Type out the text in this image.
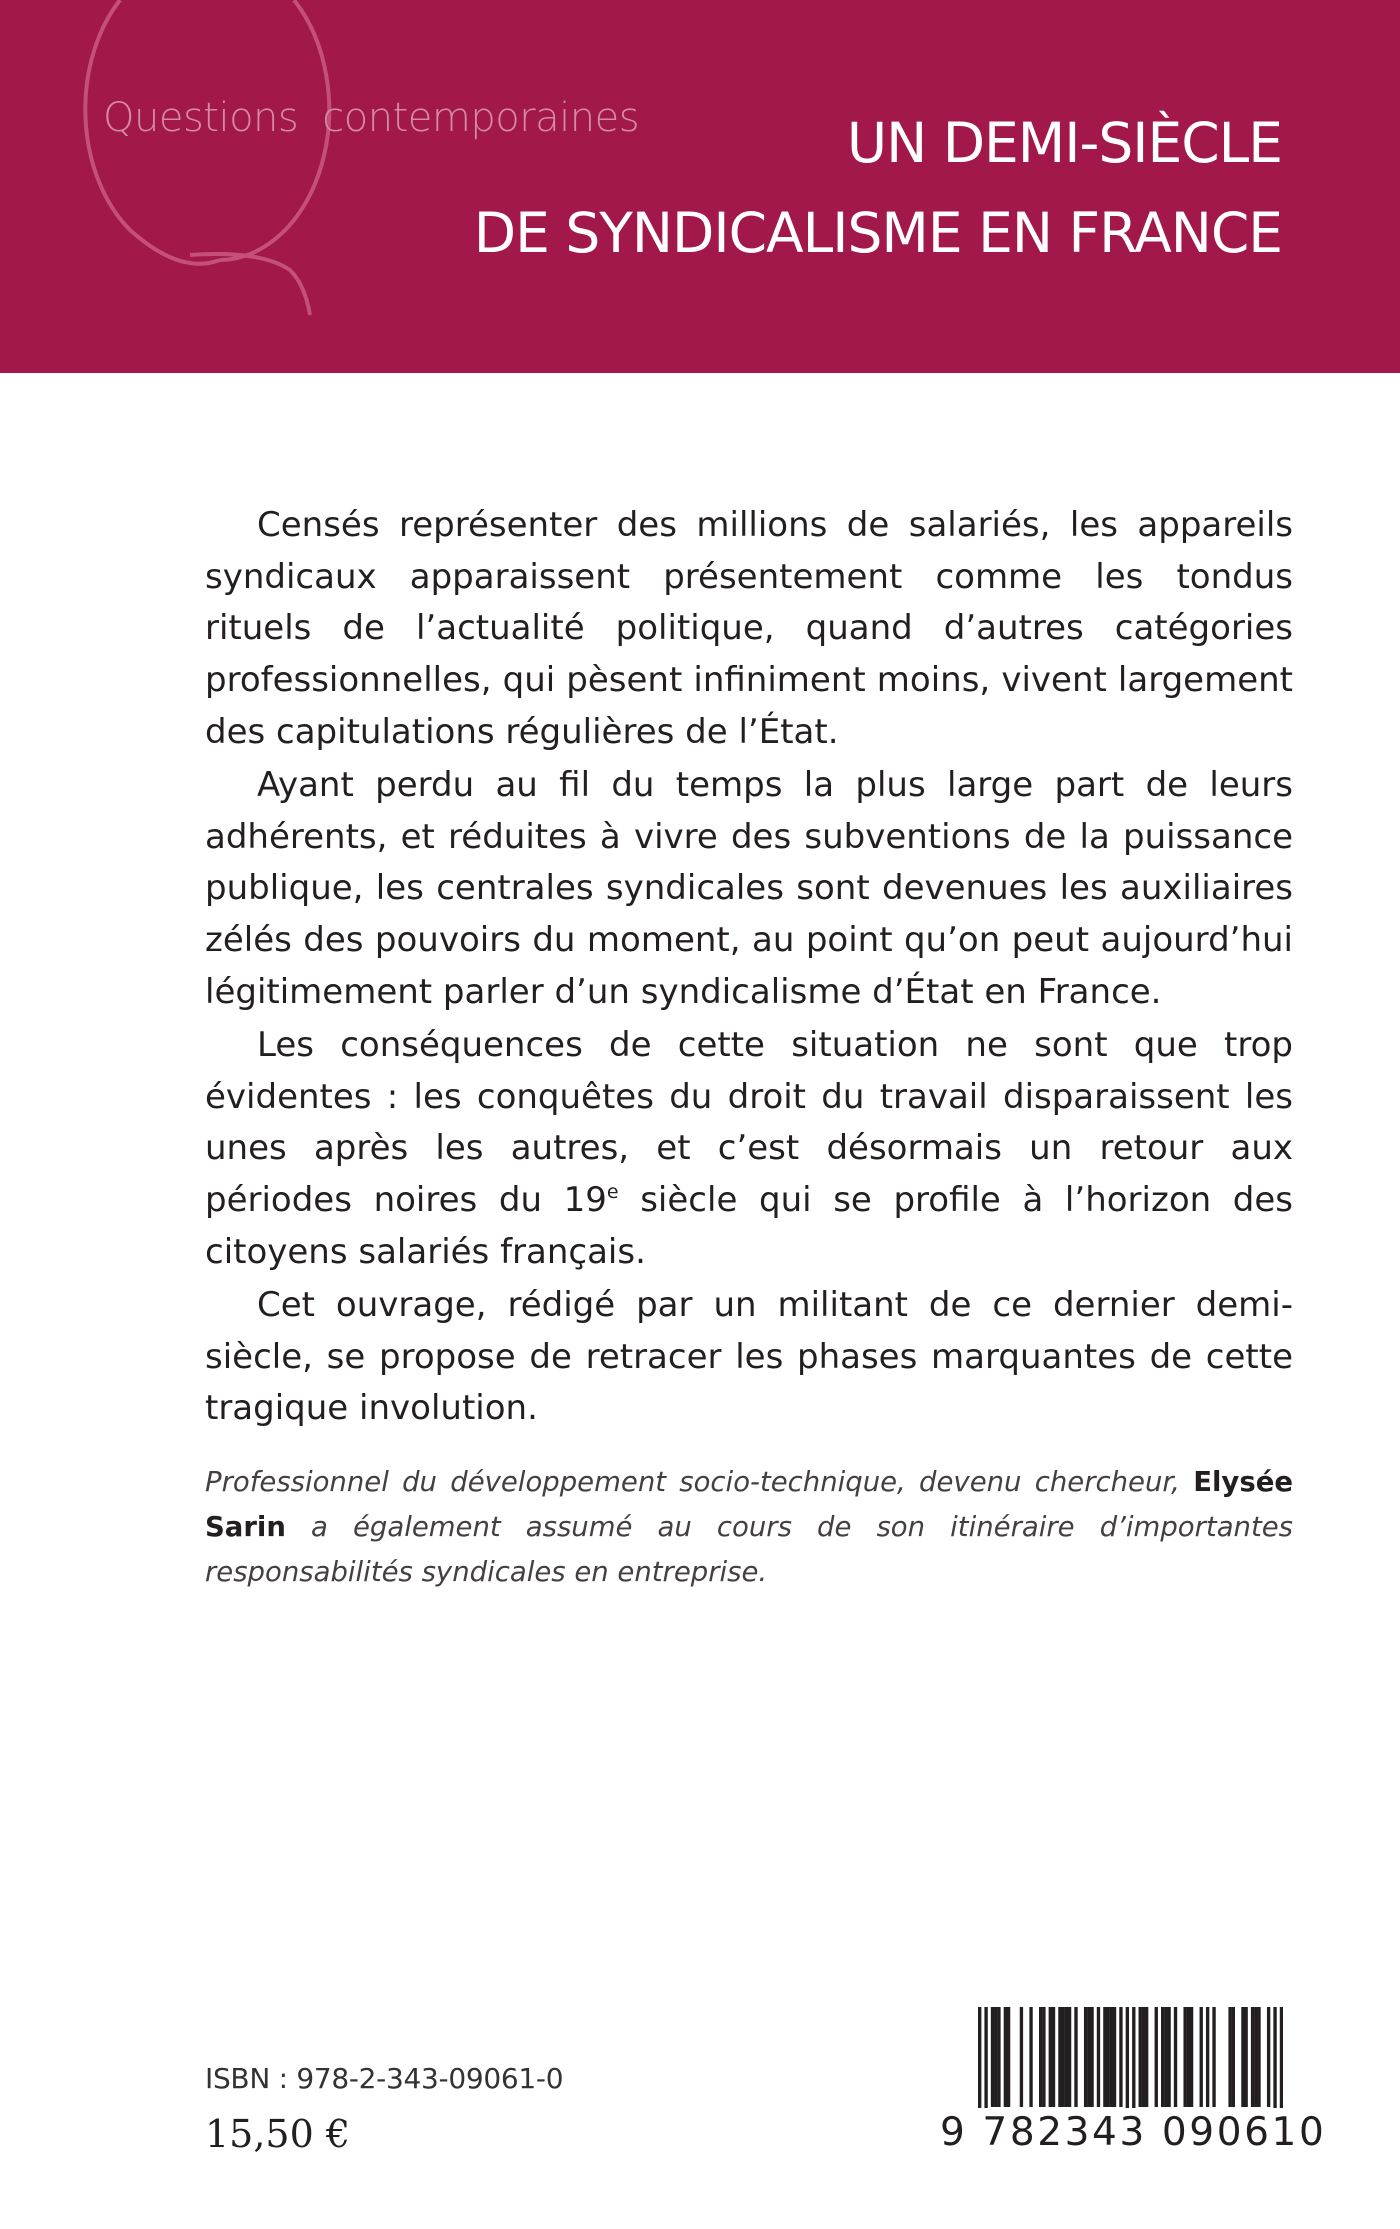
Questions contemporaines	UN DEMI-SIÈCLE
DE SYNDICALISME EN FRANCE

Censés représenter des millions de salariés, les appareils syndicaux apparaissent présentement comme les tondus rituels de l’actualité politique, quand d’autres catégories professionnelles, qui pèsent infiniment moins, vivent largement des capitulations régulières de l’État.

Ayant perdu au fil du temps la plus large part de leurs adhérents, et réduites à vivre des subventions de la puissance publique, les centrales syndicales sont devenues les auxiliaires zélés des pouvoirs du moment, au point qu’on peut aujourd’hui légitimement parler d’un syndicalisme d’État en France.

Les conséquences de cette situation ne sont que trop évidentes : les conquêtes du droit du travail disparaissent les unes après les autres, et c’est désormais un retour aux périodes noires du 19e siècle qui se profile à l’horizon des citoyens salariés français.

Cet ouvrage, rédigé par un militant de ce dernier demi-siècle, se propose de retracer les phases marquantes de cette tragique involution.

Professionnel du développement socio-technique, devenu chercheur, Elysée Sarin a également assumé au cours de son itinéraire d’importantes responsabilités syndicales en entreprise.

ISBN : 978-2-343-09061-0

15,50 €	9 782343 090610
